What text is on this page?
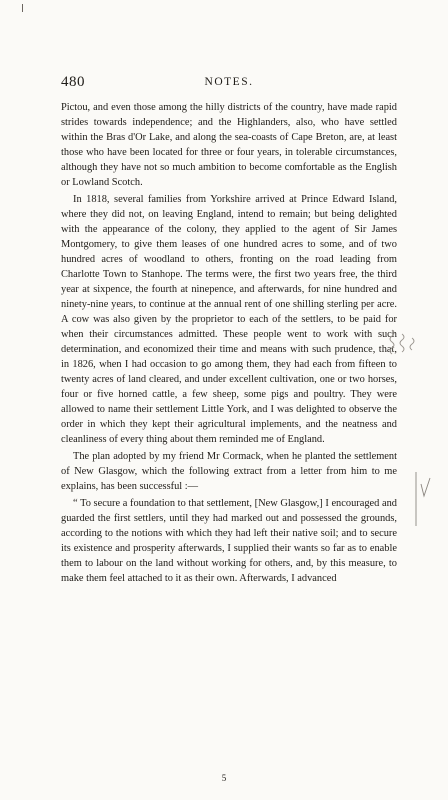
480	NOTES.

Pictou, and even those among the hilly districts of the country, have made rapid strides towards independence; and the Highlanders, also, who have settled within the Bras d'Or Lake, and along the sea-coasts of Cape Breton, are, at least those who have been located for three or four years, in tolerable circumstances, although they have not so much ambition to become comfortable as the English or Lowland Scotch.

In 1818, several families from Yorkshire arrived at Prince Edward Island, where they did not, on leaving England, intend to remain; but being delighted with the appearance of the colony, they applied to the agent of Sir James Montgomery, to give them leases of one hundred acres to some, and of two hundred acres of woodland to others, fronting on the road leading from Charlotte Town to Stanhope. The terms were, the first two years free, the third year at sixpence, the fourth at ninepence, and afterwards, for nine hundred and ninety-nine years, to continue at the annual rent of one shilling sterling per acre. A cow was also given by the proprietor to each of the settlers, to be paid for when their circumstances admitted. These people went to work with such determination, and economized their time and means with such prudence, that, in 1826, when I had occasion to go among them, they had each from fifteen to twenty acres of land cleared, and under excellent cultivation, one or two horses, four or five horned cattle, a few sheep, some pigs and poultry. They were allowed to name their settlement Little York, and I was delighted to observe the order in which they kept their agricultural implements, and the neatness and cleanliness of every thing about them reminded me of England.

The plan adopted by my friend Mr Cormack, when he planted the settlement of New Glasgow, which the following extract from a letter from him to me explains, has been successful :—

“ To secure a foundation to that settlement, [New Glasgow,] I encouraged and guarded the first settlers, until they had marked out and possessed the grounds, according to the notions with which they had left their native soil; and to secure its existence and prosperity afterwards, I supplied their wants so far as to enable them to labour on the land without working for others, and, by this measure, to make them feel attached to it as their own. Afterwards, I advanced

5
